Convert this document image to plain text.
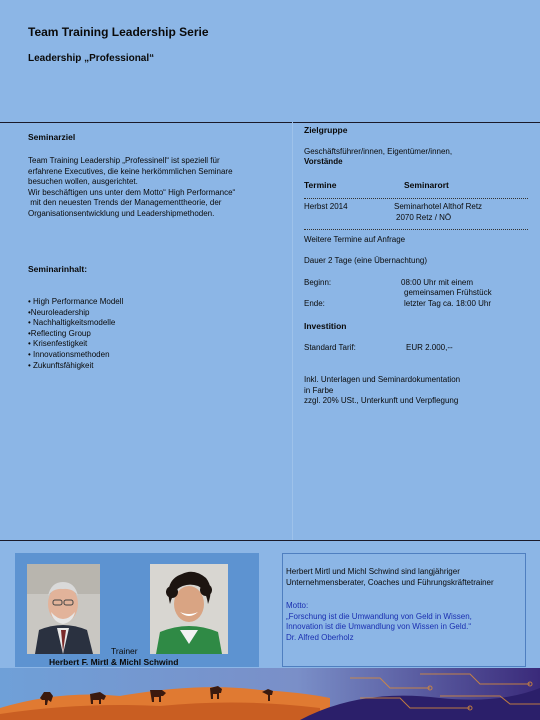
Team Training Leadership Serie
Leadership „Professional“
Seminarziel
Team Training Leadership „Professinell“ ist speziell für
erfahrene Executives, die keine herkömmlichen Seminare
besuchen wollen, ausgerichtet.
Wir beschäftigen uns unter dem Motto“ High Performance“
mit den neuesten Trends der Managementtheorie, der
Organisationsentwicklung und Leadershipmethoden.
Seminarinhalt:
• High Performance Modell
•Neuroleadership
• Nachhaltigkeitsmodelle
•Reflecting Group
• Krisenfestigkeit
• Innovationsmethoden
• Zukunftsfähigkeit
Zielgruppe
Geschäftsführer/innen, Eigentümer/innen,
Vorstände
Termine	Seminarort
Herbst 2014	Seminarhotel Althof Retz
2070 Retz / NÖ
Weitere Termine auf Anfrage
Dauer 2 Tage (eine Übernachtung)
Beginn:	08:00 Uhr mit einem
gemeinsamen Frühstück
Ende:	letzter Tag ca. 18:00 Uhr
Investition
Standard Tarif:	EUR 2.000,--
Inkl. Unterlagen und Seminardokumentation
in Farbe
zzgl. 20% USt., Unterkunft und Verpflegung
Trainer
Herbert F. Mirtl & Michl Schwind
Herbert Mirtl und Michl Schwind sind langjähriger
Unternehmensberater, Coaches und Führungskräftetrainer
Motto:
„Forschung ist die Umwandlung von Geld in Wissen,
Innovation ist die Umwandlung von Wissen in Geld.“
Dr. Alfred Oberholz
